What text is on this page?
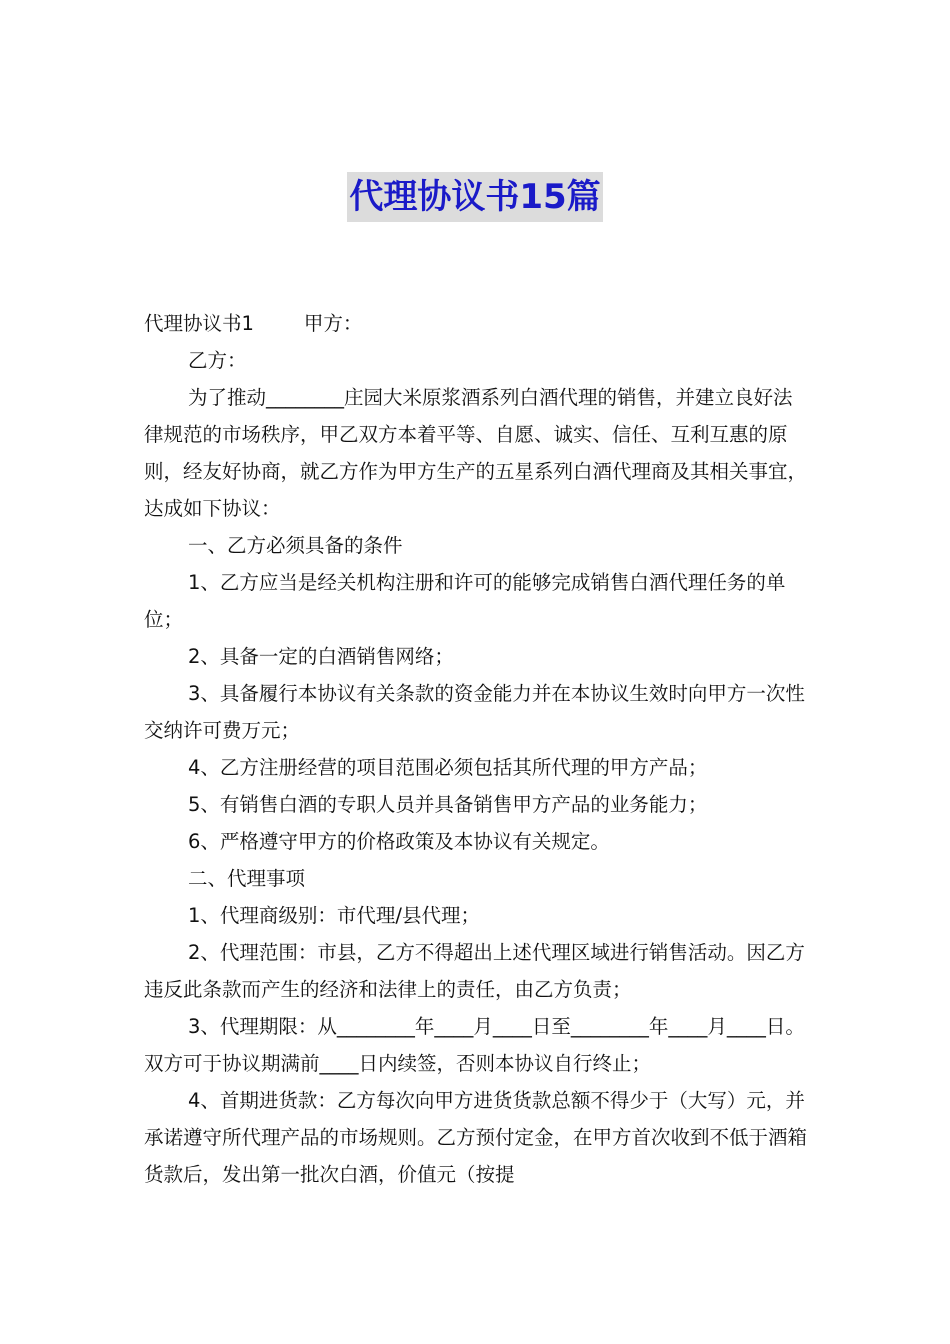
代理协议书15篇

代理协议书1	甲方：

乙方：

为了推动________庄园大米原浆酒系列白酒代理的销售，并建立良好法律规范的市场秩序，甲乙双方本着平等、自愿、诚实、信任、互利互惠的原则，经友好协商，就乙方作为甲方生产的五星系列白酒代理商及其相关事宜，达成如下协议：

一、乙方必须具备的条件

1、乙方应当是经关机构注册和许可的能够完成销售白酒代理任务的单位；

2、具备一定的白酒销售网络；

3、具备履行本协议有关条款的资金能力并在本协议生效时向甲方一次性交纳许可费万元；

4、乙方注册经营的项目范围必须包括其所代理的甲方产品；

5、有销售白酒的专职人员并具备销售甲方产品的业务能力；

6、严格遵守甲方的价格政策及本协议有关规定。

二、代理事项

1、代理商级别：市代理/县代理；

2、代理范围：市县，乙方不得超出上述代理区域进行销售活动。因乙方违反此条款而产生的经济和法律上的责任，由乙方负责；

3、代理期限：从________年____月____日至________年____月____日。双方可于协议期满前____日内续签，否则本协议自行终止；

4、首期进货款：乙方每次向甲方进货货款总额不得少于（大写）元，并承诺遵守所代理产品的市场规则。乙方预付定金，在甲方首次收到不低于酒箱货款后，发出第一批次白酒，价值元（按提
